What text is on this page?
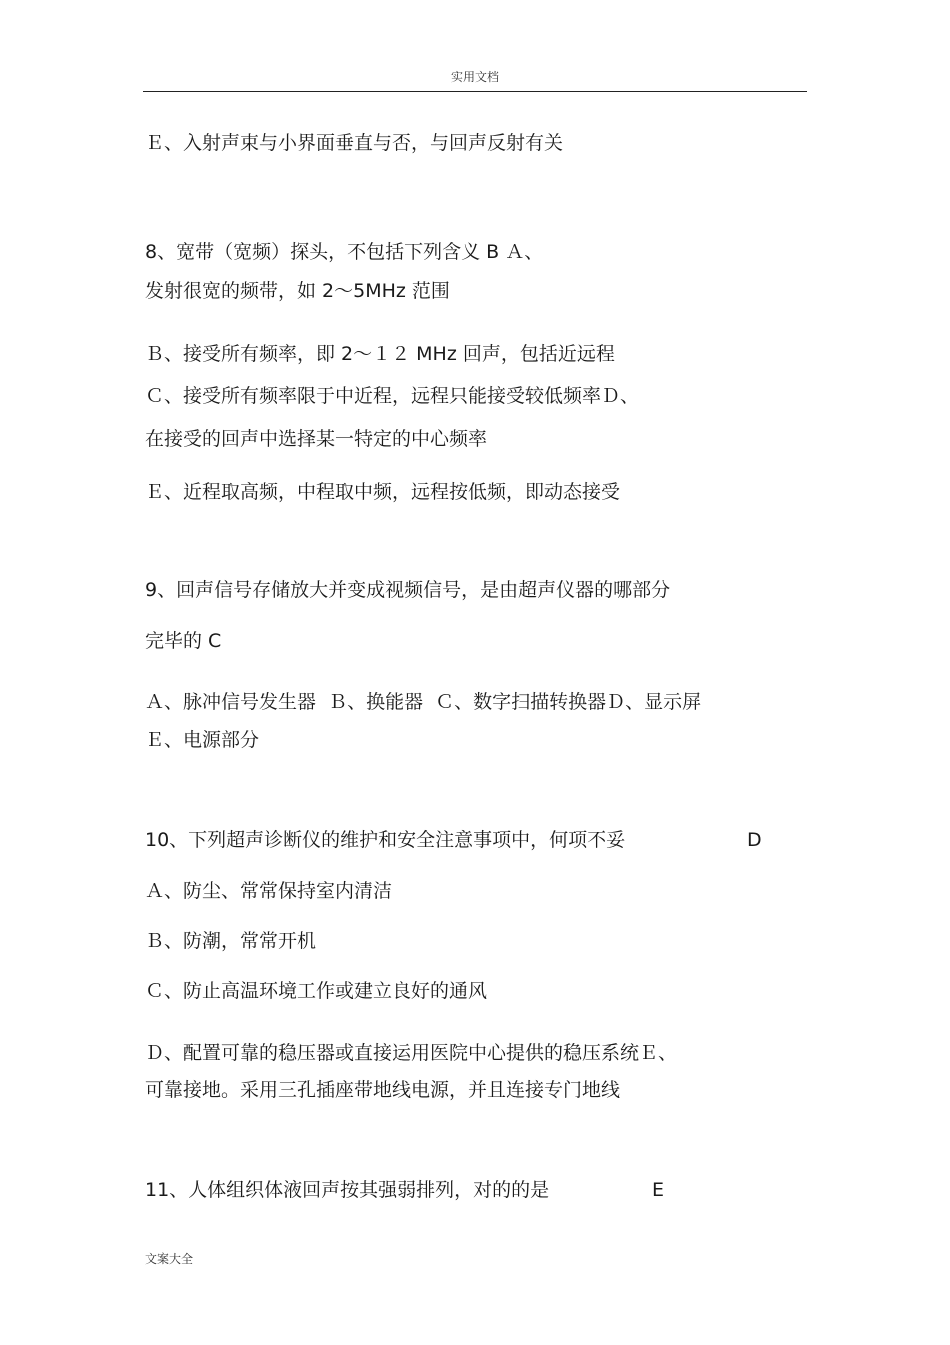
实用文档
Ｅ、入射声束与小界面垂直与否，与回声反射有关
8、宽带（宽频）探头，不包括下列含义 B Ａ、
发射很宽的频带，如 2～5MHz 范围
Ｂ、接受所有频率，即 2～１２ MHz 回声，包括近远程
Ｃ、接受所有频率限于中近程，远程只能接受较低频率Ｄ、
在接受的回声中选择某一特定的中心频率
Ｅ、近程取高频，中程取中频，远程按低频，即动态接受
9、回声信号存储放大并变成视频信号，是由超声仪器的哪部分
完毕的 C
Ａ、脉冲信号发生器  Ｂ、换能器  Ｃ、数字扫描转换器Ｄ、显示屏
Ｅ、电源部分
10、下列超声诊断仪的维护和安全注意事项中，何项不妥	D
Ａ、防尘、常常保持室内清洁
Ｂ、防潮，常常开机
Ｃ、防止高温环境工作或建立良好的通风
Ｄ、配置可靠的稳压器或直接运用医院中心提供的稳压系统Ｅ、
可靠接地。采用三孔插座带地线电源，并且连接专门地线
11、人体组织体液回声按其强弱排列，对的的是	E
文案大全
